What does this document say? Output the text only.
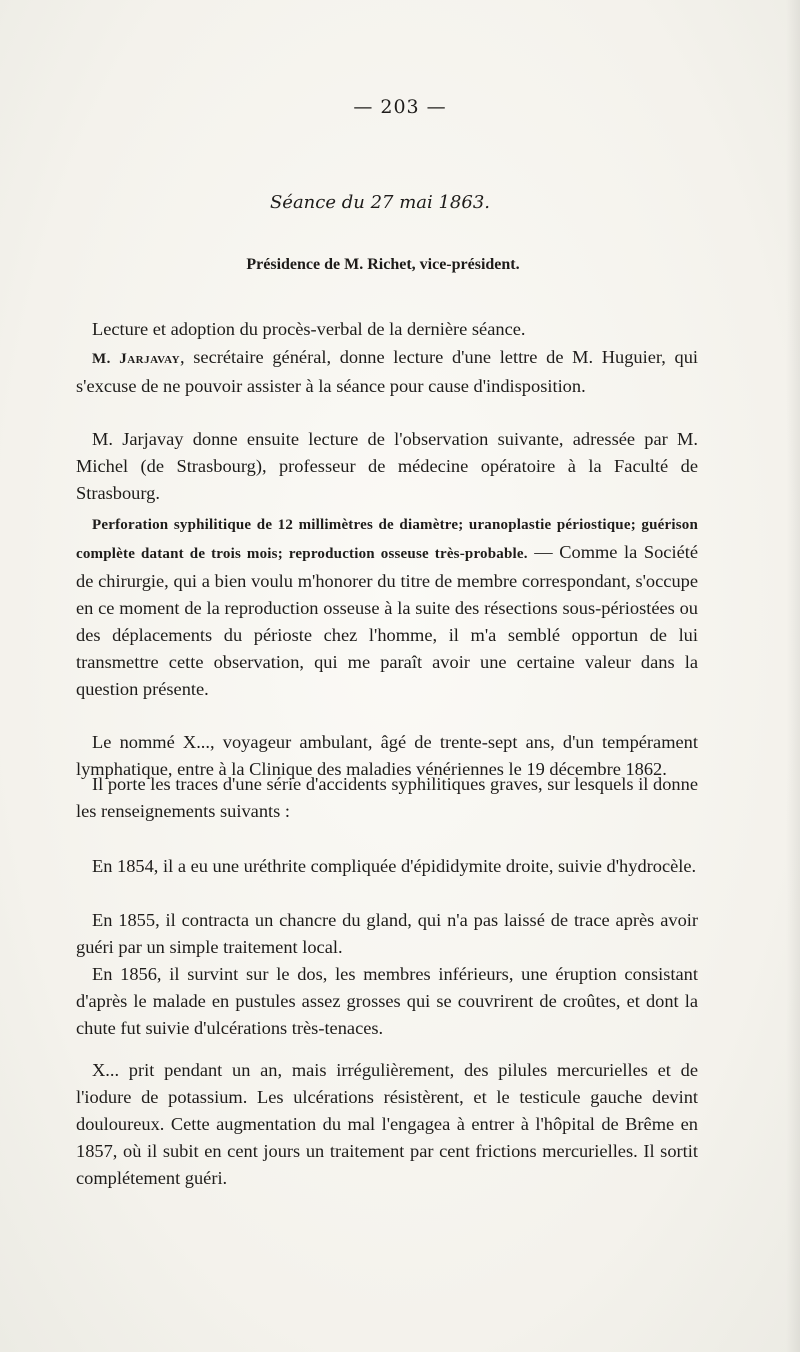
— 203 —
Séance du 27 mai 1863.
Présidence de M. Richet, vice-président.

Lecture et adoption du procès-verbal de la dernière séance.

M. Jarjavay, secrétaire général, donne lecture d'une lettre de M. Huguier, qui s'excuse de ne pouvoir assister à la séance pour cause d'indisposition.

M. Jarjavay donne ensuite lecture de l'observation suivante, adressée par M. Michel (de Strasbourg), professeur de médecine opératoire à la Faculté de Strasbourg.

Perforation syphilitique de 12 millimètres de diamètre; uranoplastie périostique; guérison complète datant de trois mois; reproduction osseuse très-probable. — Comme la Société de chirurgie, qui a bien voulu m'honorer du titre de membre correspondant, s'occupe en ce moment de la reproduction osseuse à la suite des résections sous-périostées ou des déplacements du périoste chez l'homme, il m'a semblé opportun de lui transmettre cette observation, qui me paraît avoir une certaine valeur dans la question présente.

Le nommé X..., voyageur ambulant, âgé de trente-sept ans, d'un tempérament lymphatique, entre à la Clinique des maladies vénériennes le 19 décembre 1862.

Il porte les traces d'une série d'accidents syphilitiques graves, sur lesquels il donne les renseignements suivants :

En 1854, il a eu une uréthrite compliquée d'épididymite droite, suivie d'hydrocèle.

En 1855, il contracta un chancre du gland, qui n'a pas laissé de trace après avoir guéri par un simple traitement local.

En 1856, il survint sur le dos, les membres inférieurs, une éruption consistant d'après le malade en pustules assez grosses qui se couvrirent de croûtes, et dont la chute fut suivie d'ulcérations très-tenaces.

X... prit pendant un an, mais irrégulièrement, des pilules mercurielles et de l'iodure de potassium. Les ulcérations résistèrent, et le testicule gauche devint douloureux. Cette augmentation du mal l'engagea à entrer à l'hôpital de Brême en 1857, où il subit en cent jours un traitement par cent frictions mercurielles. Il sortit complétement guéri.
